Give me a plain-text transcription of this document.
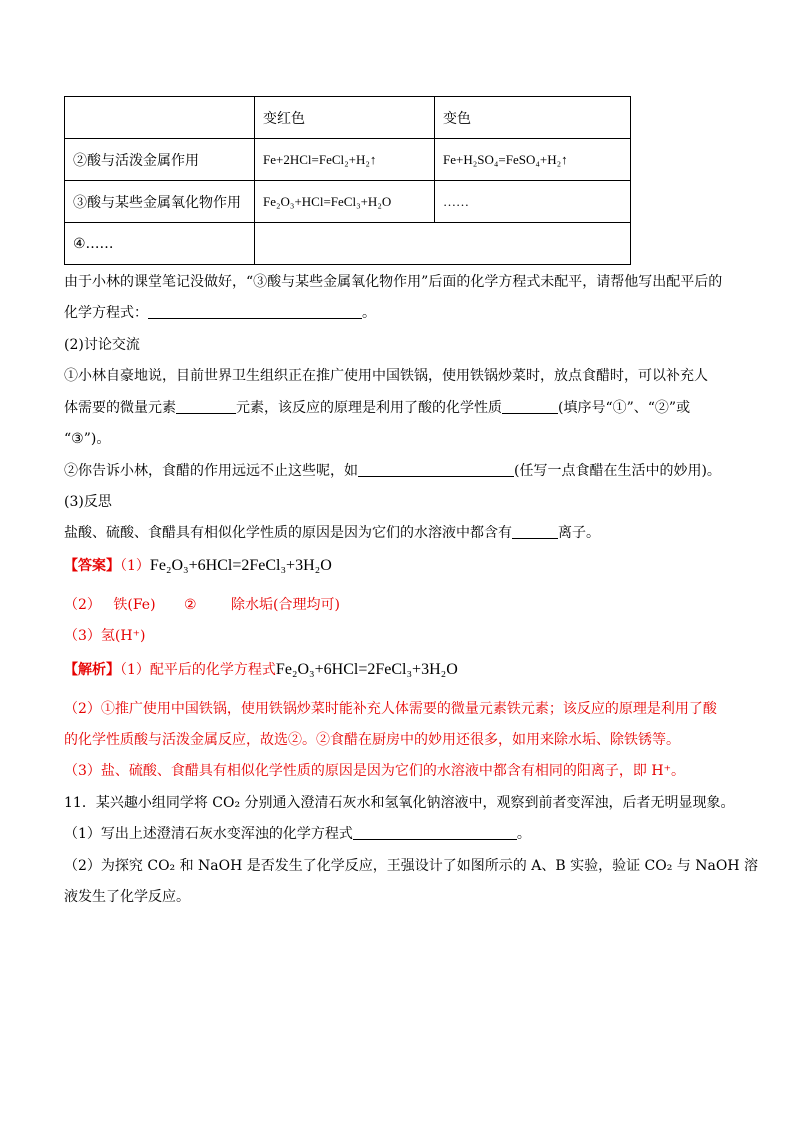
	变红色	变色
②酸与活泼金属作用	Fe+2HCl=FeCl₂+H₂↑	Fe+H₂SO₄=FeSO₄+H₂↑
③酸与某些金属氧化物作用	Fe₂O₃+HCl=FeCl₃+H₂O	……
④……		
由于小林的课堂笔记没做好，“③酸与某些金属氧化物作用”后面的化学方程式未配平，请帮他写出配平后的
化学方程式：	。
(2)讨论交流
①小林自豪地说，目前世界卫生组织正在推广使用中国铁锅，使用铁锅炒菜时，放点食醋时，可以补充人
体需要的微量元素	元素，该反应的原理是利用了酸的化学性质	(填序号“①”、“②”或
“③”)。
②你告诉小林，食醋的作用远远不止这些呢，如	(任写一点食醋在生活中的妙用)。
(3)反思
盐酸、硫酸、食醋具有相似化学性质的原因是因为它们的水溶液中都含有	离子。
【答案】（1）Fe₂O₃+6HCl=2FeCl₃+3H₂O
（2） 铁(Fe) ② 除水垢(合理均可)
（3）氢(H⁺)
【解析】（1）配平后的化学方程式Fe₂O₃+6HCl=2FeCl₃+3H₂O
（2）①推广使用中国铁锅，使用铁锅炒菜时能补充人体需要的微量元素铁元素；该反应的原理是利用了酸
的化学性质酸与活泼金属反应，故选②。②食醋在厨房中的妙用还很多，如用来除水垢、除铁锈等。
（3）盐、硫酸、食醋具有相似化学性质的原因是因为它们的水溶液中都含有相同的阳离子，即 H⁺。
11．某兴趣小组同学将 CO₂ 分别通入澄清石灰水和氢氧化钠溶液中，观察到前者变浑浊，后者无明显现象。
（1）写出上述澄清石灰水变浑浊的化学方程式	。
（2）为探究 CO₂ 和 NaOH 是否发生了化学反应，王强设计了如图所示的 A、B 实验，验证 CO₂ 与 NaOH 溶
液发生了化学反应。
